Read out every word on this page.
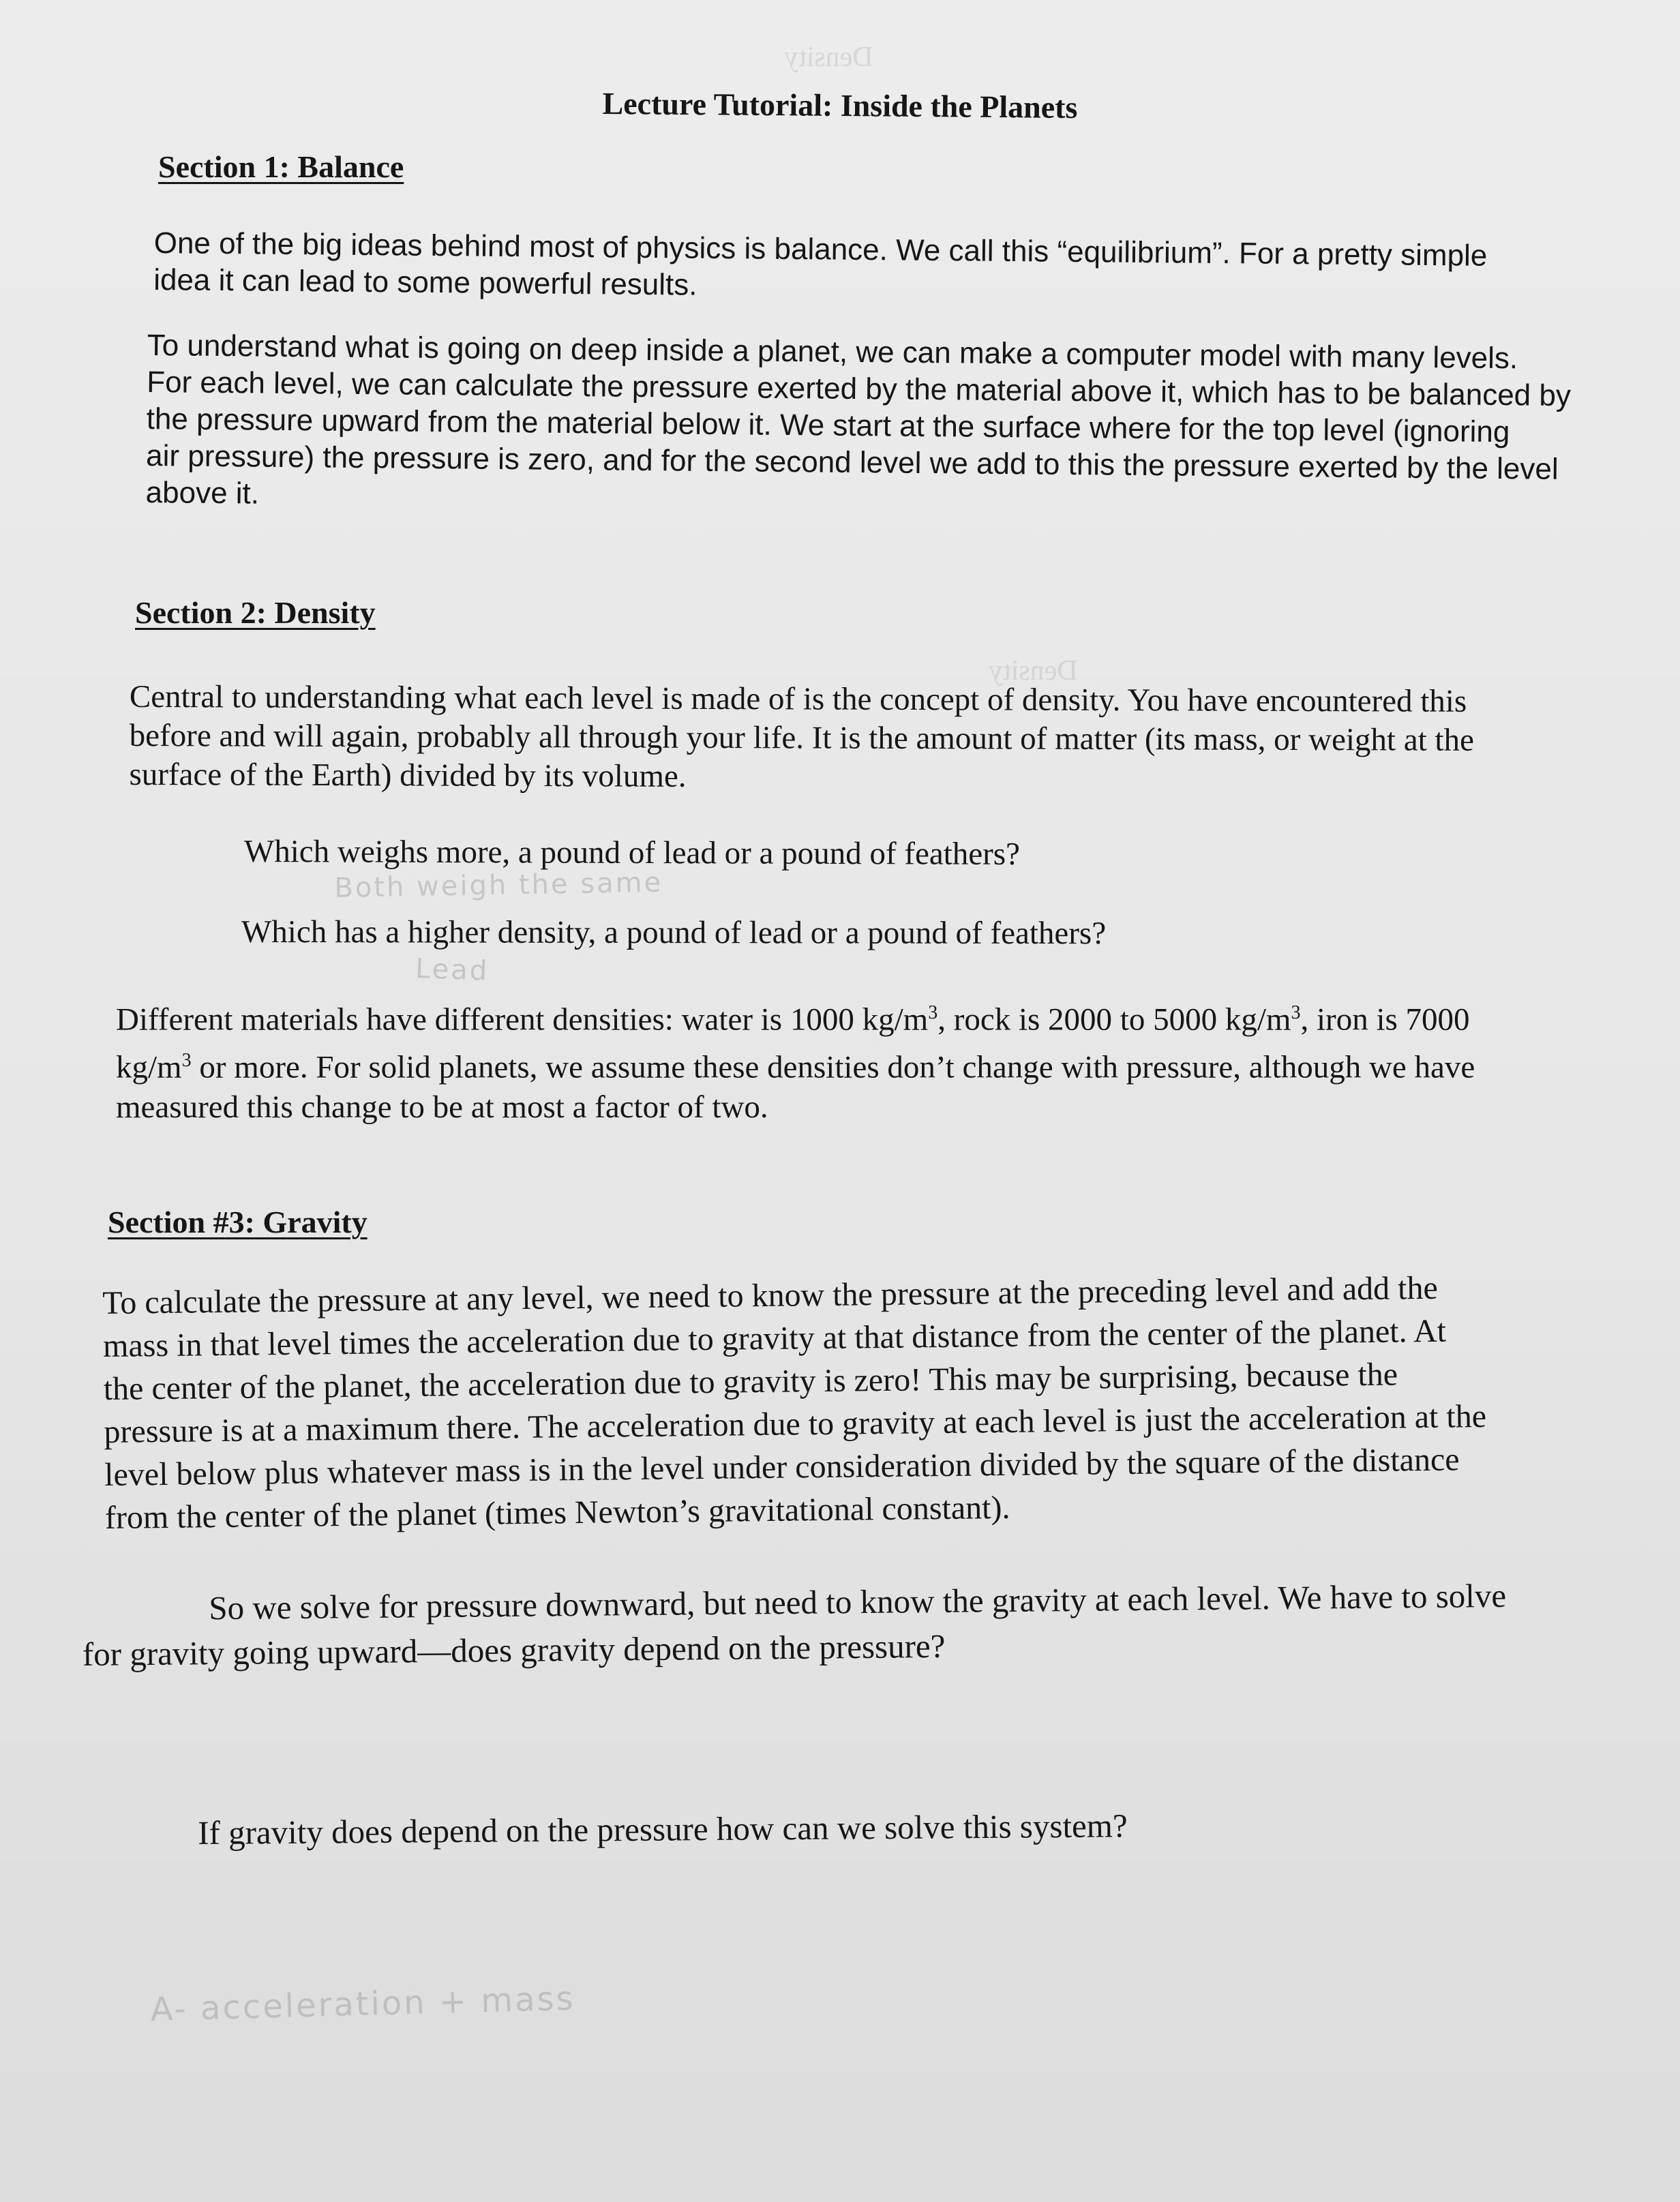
Density
Density
Lecture Tutorial: Inside the Planets
Section 1: Balance

One of the big ideas behind most of physics is balance. We call this “equilibrium”. For a pretty simple

idea it can lead to some powerful results.

To understand what is going on deep inside a planet, we can make a computer model with many levels.

For each level, we can calculate the pressure exerted by the material above it, which has to be balanced by

the pressure upward from the material below it. We start at the surface where for the top level (ignoring

air pressure) the pressure is zero, and for the second level we add to this the pressure exerted by the level

above it.

Section 2: Density

Central to understanding what each level is made of is the concept of density. You have encountered this

before and will again, probably all through your life. It is the amount of matter (its mass, or weight at the

surface of the Earth) divided by its volume.

Which weighs more, a pound of lead or a pound of feathers?
Both weigh the same
Which has a higher density, a pound of lead or a pound of feathers?
Lead

Different materials have different densities: water is 1000 $kg/m^3$, rock is 2000 to 5000 $kg/m^3$, iron is 7000

$kg/m^3$ or more. For solid planets, we assume these densities don’t change with pressure, although we have

measured this change to be at most a factor of two.

Section #3: Gravity

To calculate the pressure at any level, we need to know the pressure at the preceding level and add the

mass in that level times the acceleration due to gravity at that distance from the center of the planet. At

the center of the planet, the acceleration due to gravity is zero! This may be surprising, because the

pressure is at a maximum there. The acceleration due to gravity at each level is just the acceleration at the

level below plus whatever mass is in the level under consideration divided by the square of the distance

from the center of the planet (times Newton’s gravitational constant).

So we solve for pressure downward, but need to know the gravity at each level. We have to solve

for gravity going upward—does gravity depend on the pressure?

If gravity does depend on the pressure how can we solve this system?
A- acceleration + mass
